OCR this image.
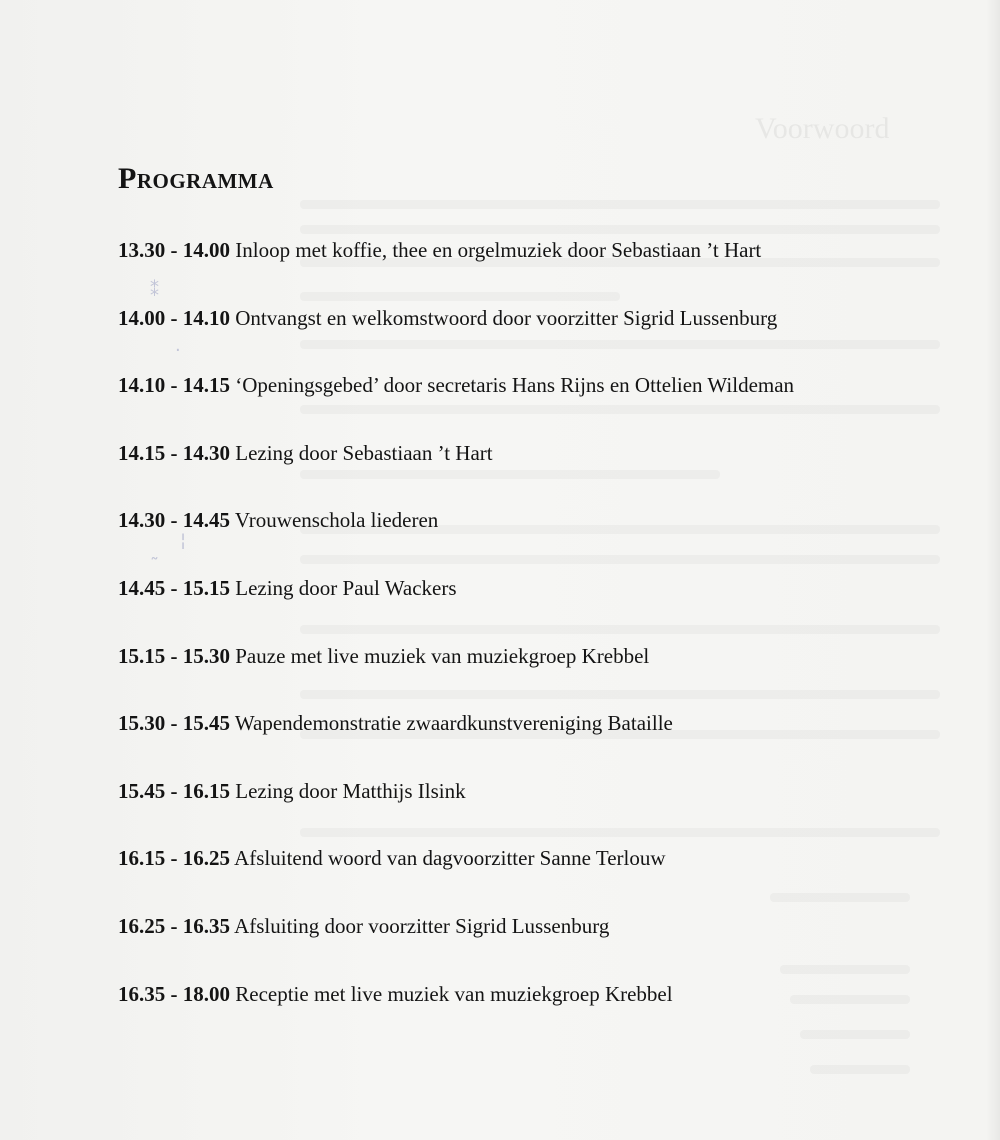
Voorwoord
⁑
·
¦
˜
Programma
13.30 - 14.00 Inloop met koffie, thee en orgelmuziek door Sebastiaan ’t Hart
14.00 - 14.10 Ontvangst en welkomstwoord door voorzitter Sigrid Lussenburg
14.10 - 14.15 ‘Openingsgebed’ door secretaris Hans Rijns en Ottelien Wildeman
14.15 - 14.30 Lezing door Sebastiaan ’t Hart
14.30 - 14.45 Vrouwenschola liederen
14.45 - 15.15 Lezing door Paul Wackers
15.15 - 15.30 Pauze met live muziek van muziekgroep Krebbel
15.30 - 15.45 Wapendemonstratie zwaardkunstvereniging Bataille
15.45 - 16.15 Lezing door Matthijs Ilsink
16.15 - 16.25 Afsluitend woord van dagvoorzitter Sanne Terlouw
16.25 - 16.35 Afsluiting door voorzitter Sigrid Lussenburg
16.35 - 18.00 Receptie met live muziek van muziekgroep Krebbel
